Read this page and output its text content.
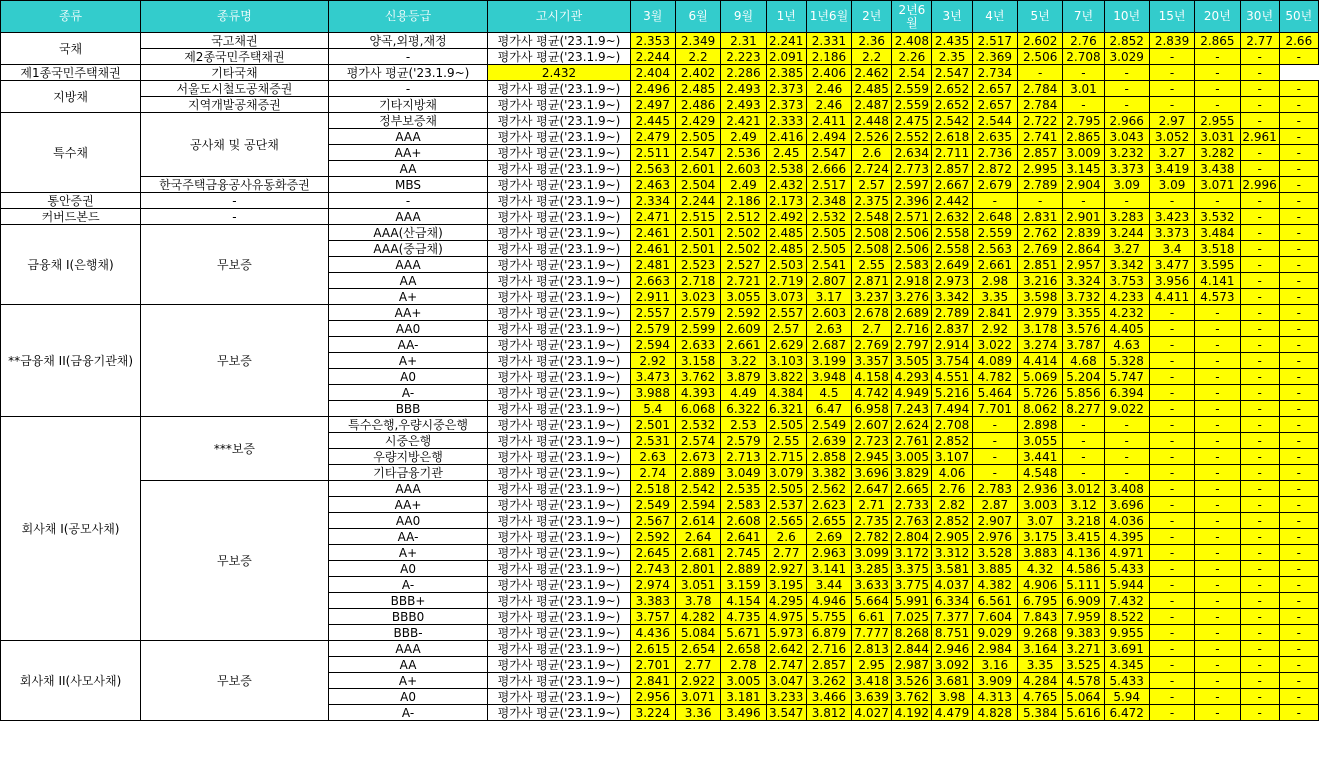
종류	종류명	신용등급	고시기관	3월	6월	9월	1년	1년6월	2년	2년6월	3년	4년	5년	7년	10년	15년	20년	30년	50년
국채	국고채권	양곡,외평,재정	평가사 평균('23.1.9~)	2.353	2.349	2.31	2.241	2.331	2.36	2.408	2.435	2.517	2.602	2.76	2.852	2.839	2.865	2.77	2.66
	제2종국민주택채권	-	평가사 평균('23.1.9~)	2.244	2.2	2.223	2.091	2.186	2.2	2.26	2.35	2.369	2.506	2.708	3.029	-	-	-	-
제1종국민주택채권	기타국채	평가사 평균('23.1.9~)	2.432	2.404	2.402	2.286	2.385	2.406	2.462	2.54	2.547	2.734	-	-	-	-	-	-	
지방채	서울도시철도공채증권	-	평가사 평균('23.1.9~)	2.496	2.485	2.493	2.373	2.46	2.485	2.559	2.652	2.657	2.784	3.01	-	-	-	-	-
	지역개발공채증권	기타지방채	평가사 평균('23.1.9~)	2.497	2.486	2.493	2.373	2.46	2.487	2.559	2.652	2.657	2.784	-	-	-	-	-	-
특수채	공사채 및 공단채	정부보증채	평가사 평균('23.1.9~)	2.445	2.429	2.421	2.333	2.411	2.448	2.475	2.542	2.544	2.722	2.795	2.966	2.97	2.955	-	-
		AAA	평가사 평균('23.1.9~)	2.479	2.505	2.49	2.416	2.494	2.526	2.552	2.618	2.635	2.741	2.865	3.043	3.052	3.031	2.961	-
		AA+	평가사 평균('23.1.9~)	2.511	2.547	2.536	2.45	2.547	2.6	2.634	2.711	2.736	2.857	3.009	3.232	3.27	3.282	-	-
		AA	평가사 평균('23.1.9~)	2.563	2.601	2.603	2.538	2.666	2.724	2.773	2.857	2.872	2.995	3.145	3.373	3.419	3.438	-	-
	한국주택금융공사유동화증권	MBS	평가사 평균('23.1.9~)	2.463	2.504	2.49	2.432	2.517	2.57	2.597	2.667	2.679	2.789	2.904	3.09	3.09	3.071	2.996	-
통안증권	-	-	평가사 평균('23.1.9~)	2.334	2.244	2.186	2.173	2.348	2.375	2.396	2.442	-	-	-	-	-	-	-	-
커버드본드	-	AAA	평가사 평균('23.1.9~)	2.471	2.515	2.512	2.492	2.532	2.548	2.571	2.632	2.648	2.831	2.901	3.283	3.423	3.532	-	-
금융채 I(은행채)	무보증	AAA(산금채)	평가사 평균('23.1.9~)	2.461	2.501	2.502	2.485	2.505	2.508	2.506	2.558	2.559	2.762	2.839	3.244	3.373	3.484	-	-
		AAA(중금채)	평가사 평균('23.1.9~)	2.461	2.501	2.502	2.485	2.505	2.508	2.506	2.558	2.563	2.769	2.864	3.27	3.4	3.518	-	-
		AAA	평가사 평균('23.1.9~)	2.481	2.523	2.527	2.503	2.541	2.55	2.583	2.649	2.661	2.851	2.957	3.342	3.477	3.595	-	-
		AA	평가사 평균('23.1.9~)	2.663	2.718	2.721	2.719	2.807	2.871	2.918	2.973	2.98	3.216	3.324	3.753	3.956	4.141	-	-
		A+	평가사 평균('23.1.9~)	2.911	3.023	3.055	3.073	3.17	3.237	3.276	3.342	3.35	3.598	3.732	4.233	4.411	4.573	-	-
**금융채 II(금융기관채)	무보증	AA+	평가사 평균('23.1.9~)	2.557	2.579	2.592	2.557	2.603	2.678	2.689	2.789	2.841	2.979	3.355	4.232	-	-	-	-
		AA0	평가사 평균('23.1.9~)	2.579	2.599	2.609	2.57	2.63	2.7	2.716	2.837	2.92	3.178	3.576	4.405	-	-	-	-
		AA-	평가사 평균('23.1.9~)	2.594	2.633	2.661	2.629	2.687	2.769	2.797	2.914	3.022	3.274	3.787	4.63	-	-	-	-
		A+	평가사 평균('23.1.9~)	2.92	3.158	3.22	3.103	3.199	3.357	3.505	3.754	4.089	4.414	4.68	5.328	-	-	-	-
		A0	평가사 평균('23.1.9~)	3.473	3.762	3.879	3.822	3.948	4.158	4.293	4.551	4.782	5.069	5.204	5.747	-	-	-	-
		A-	평가사 평균('23.1.9~)	3.988	4.393	4.49	4.384	4.5	4.742	4.949	5.216	5.464	5.726	5.856	6.394	-	-	-	-
		BBB	평가사 평균('23.1.9~)	5.4	6.068	6.322	6.321	6.47	6.958	7.243	7.494	7.701	8.062	8.277	9.022	-	-	-	-
회사채 I(공모사채)	***보증	특수은행,우량시중은행	평가사 평균('23.1.9~)	2.501	2.532	2.53	2.505	2.549	2.607	2.624	2.708	-	2.898	-	-	-	-	-	-
		시중은행	평가사 평균('23.1.9~)	2.531	2.574	2.579	2.55	2.639	2.723	2.761	2.852	-	3.055	-	-	-	-	-	-
		우량지방은행	평가사 평균('23.1.9~)	2.63	2.673	2.713	2.715	2.858	2.945	3.005	3.107	-	3.441	-	-	-	-	-	-
		기타금융기관	평가사 평균('23.1.9~)	2.74	2.889	3.049	3.079	3.382	3.696	3.829	4.06	-	4.548	-	-	-	-	-	-
	무보증	AAA	평가사 평균('23.1.9~)	2.518	2.542	2.535	2.505	2.562	2.647	2.665	2.76	2.783	2.936	3.012	3.408	-	-	-	-
		AA+	평가사 평균('23.1.9~)	2.549	2.594	2.583	2.537	2.623	2.71	2.733	2.82	2.87	3.003	3.12	3.696	-	-	-	-
		AA0	평가사 평균('23.1.9~)	2.567	2.614	2.608	2.565	2.655	2.735	2.763	2.852	2.907	3.07	3.218	4.036	-	-	-	-
		AA-	평가사 평균('23.1.9~)	2.592	2.64	2.641	2.6	2.69	2.782	2.804	2.905	2.976	3.175	3.415	4.395	-	-	-	-
		A+	평가사 평균('23.1.9~)	2.645	2.681	2.745	2.77	2.963	3.099	3.172	3.312	3.528	3.883	4.136	4.971	-	-	-	-
		A0	평가사 평균('23.1.9~)	2.743	2.801	2.889	2.927	3.141	3.285	3.375	3.581	3.885	4.32	4.586	5.433	-	-	-	-
		A-	평가사 평균('23.1.9~)	2.974	3.051	3.159	3.195	3.44	3.633	3.775	4.037	4.382	4.906	5.111	5.944	-	-	-	-
		BBB+	평가사 평균('23.1.9~)	3.383	3.78	4.154	4.295	4.946	5.664	5.991	6.334	6.561	6.795	6.909	7.432	-	-	-	-
		BBB0	평가사 평균('23.1.9~)	3.757	4.282	4.735	4.975	5.755	6.61	7.025	7.377	7.604	7.843	7.959	8.522	-	-	-	-
		BBB-	평가사 평균('23.1.9~)	4.436	5.084	5.671	5.973	6.879	7.777	8.268	8.751	9.029	9.268	9.383	9.955	-	-	-	-
회사채 II(사모사채)	무보증	AAA	평가사 평균('23.1.9~)	2.615	2.654	2.658	2.642	2.716	2.813	2.844	2.946	2.984	3.164	3.271	3.691	-	-	-	-
		AA	평가사 평균('23.1.9~)	2.701	2.77	2.78	2.747	2.857	2.95	2.987	3.092	3.16	3.35	3.525	4.345	-	-	-	-
		A+	평가사 평균('23.1.9~)	2.841	2.922	3.005	3.047	3.262	3.418	3.526	3.681	3.909	4.284	4.578	5.433	-	-	-	-
		A0	평가사 평균('23.1.9~)	2.956	3.071	3.181	3.233	3.466	3.639	3.762	3.98	4.313	4.765	5.064	5.94	-	-	-	-
		A-	평가사 평균('23.1.9~)	3.224	3.36	3.496	3.547	3.812	4.027	4.192	4.479	4.828	5.384	5.616	6.472	-	-	-	-
